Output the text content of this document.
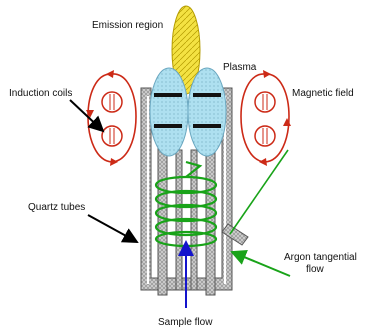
Emission region
Plasma
Induction coils	Magnetic field
Quartz tubes
Argon tangential
flow
Sample flow
